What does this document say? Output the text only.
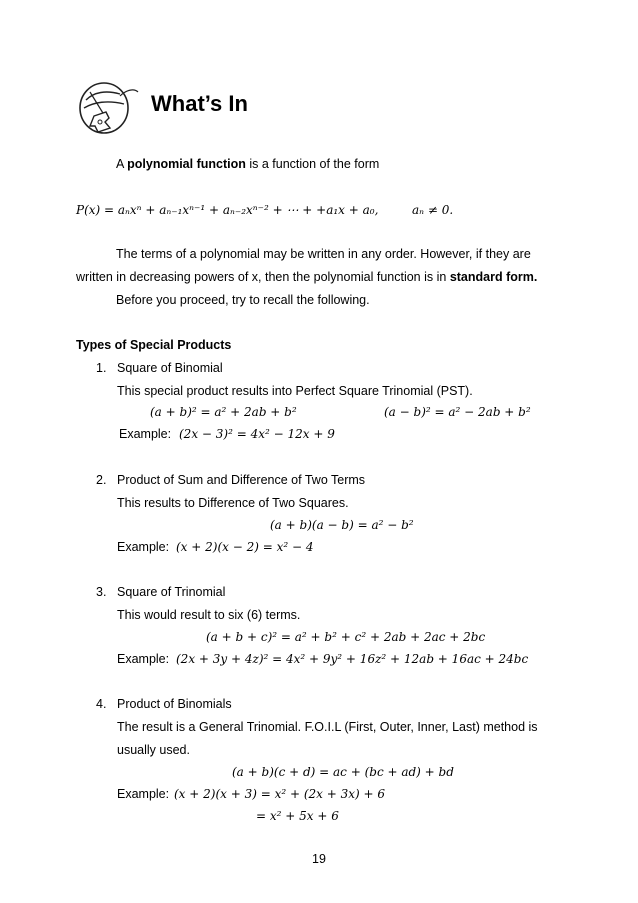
What’s In
A polynomial function is a function of the form
P(x) = aₙxⁿ + aₙ₋₁xⁿ⁻¹ + aₙ₋₂xⁿ⁻² + ⋯ + +a₁x + a₀,	aₙ ≠ 0.
The terms of a polynomial may be written in any order. However, if they are
written in decreasing powers of x, then the polynomial function is in standard form.
Before you proceed, try to recall the following.
Types of Special Products
1. Square of Binomial
This special product results into Perfect Square Trinomial (PST).
(a + b)² = a² + 2ab + b²	(a − b)² = a² − 2ab + b²
Example: (2x − 3)² = 4x² − 12x + 9
2. Product of Sum and Difference of Two Terms
This results to Difference of Two Squares.
(a + b)(a − b) = a² − b²
Example: (x + 2)(x − 2) = x² − 4
3. Square of Trinomial
This would result to six (6) terms.
(a + b + c)² = a² + b² + c² + 2ab + 2ac + 2bc
Example: (2x + 3y + 4z)² = 4x² + 9y² + 16z² + 12ab + 16ac + 24bc
4. Product of Binomials
The result is a General Trinomial. F.O.I.L (First, Outer, Inner, Last) method is
usually used.
(a + b)(c + d) = ac + (bc + ad) + bd
Example: (x + 2)(x + 3) = x² + (2x + 3x) + 6
= x² + 5x + 6
19
